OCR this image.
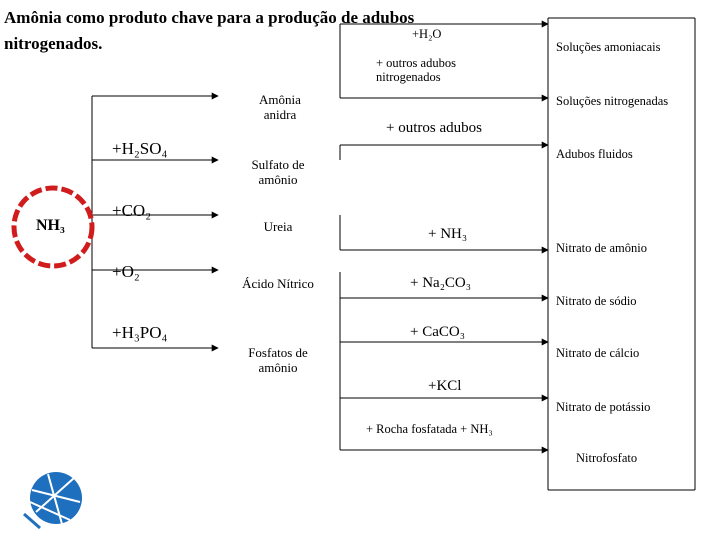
Amônia como produto chave para a produção de adubos
nitrogenados.
NH₃
+H₂SO₄
+CO₂
+O₂
+H₃PO₄
Amônia
anidra
Sulfato de
amônio
Ureia
Ácido Nítrico
Fosfatos de
amônio
+H₂O
+ outros adubos
nitrogenados
+ outros adubos
+ NH₃
+ Na₂CO₃
+ CaCO₃
+KCl
+ Rocha fosfatada + NH₃
Soluções amoniacais
Soluções nitrogenadas
Adubos fluidos
Nitrato de amônio
Nitrato de sódio
Nitrato de cálcio
Nitrato de potássio
Nitrofosfato
